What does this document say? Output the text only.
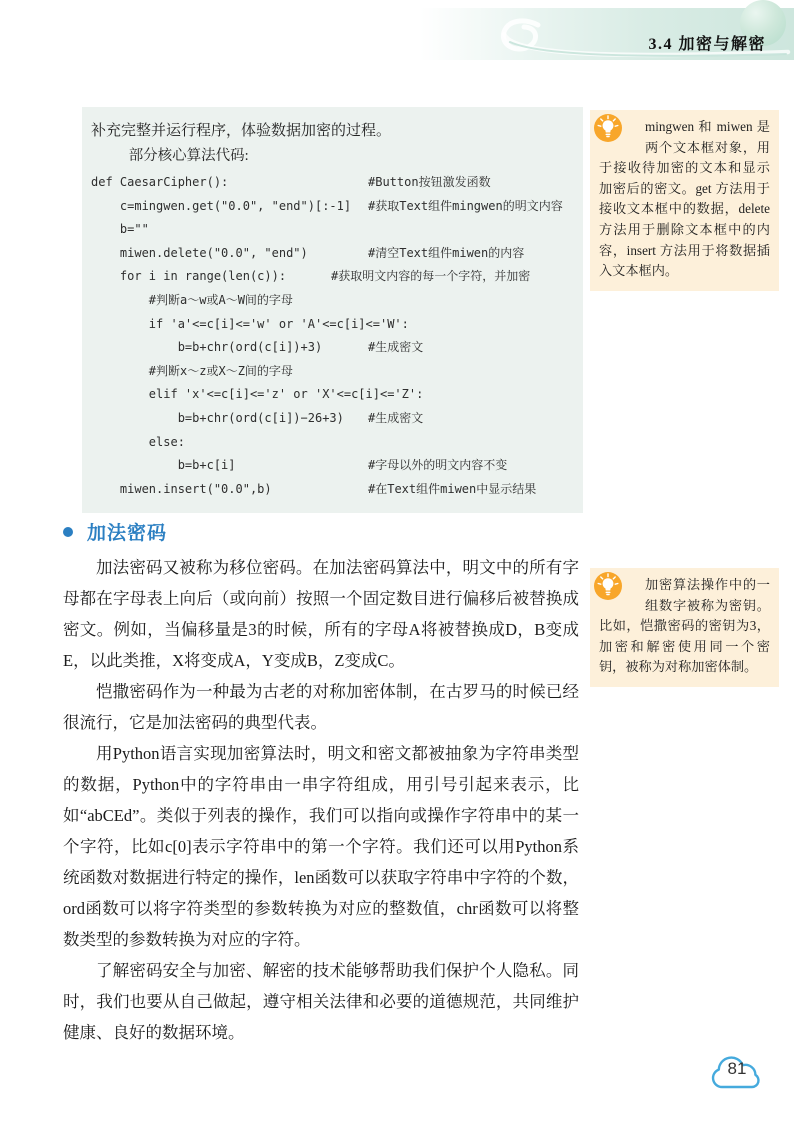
3.4 加密与解密
补充完整并运行程序，体验数据加密的过程。
部分核心算法代码:
def CaesarCipher():	#Button按钮激发函数
c=mingwen.get("0.0", "end")[:-1] #获取Text组件mingwen的明文内容
b=""
miwen.delete("0.0", "end")	#清空Text组件miwen的内容
for i in range(len(c)):	#获取明文内容的每一个字符，并加密
#判断a～w或A～W间的字母
if 'a'<=c[i]<='w' or 'A'<=c[i]<='W':
b=b+chr(ord(c[i])+3)	#生成密文
#判断x～z或X～Z间的字母
elif 'x'<=c[i]<='z' or 'X'<=c[i]<='Z':
b=b+chr(ord(c[i])−26+3) #生成密文
else:
b=b+c[i]	#字母以外的明文内容不变
miwen.insert("0.0",b)	#在Text组件miwen中显示结果
mingwen 和 miwen 是两个文本框对象，用于接收待加密的文本和显示加密后的密文。get 方法用于接收文本框中的数据，delete 方法用于删除文本框中的内容，insert 方法用于将数据插入文本框内。
加法密码

加法密码又被称为移位密码。在加法密码算法中，明文中的所有字母都在字母表上向后（或向前）按照一个固定数目进行偏移后被替换成密文。例如，当偏移量是3的时候，所有的字母A将被替换成D，B变成E，以此类推，X将变成A，Y变成B，Z变成C。

恺撒密码作为一种最为古老的对称加密体制，在古罗马的时候已经很流行，它是加法密码的典型代表。

用Python语言实现加密算法时，明文和密文都被抽象为字符串类型的数据，Python中的字符串由一串字符组成，用引号引起来表示，比如“abCEd”。类似于列表的操作，我们可以指向或操作字符串中的某一个字符，比如c[0]表示字符串中的第一个字符。我们还可以用Python系统函数对数据进行特定的操作，len函数可以获取字符串中字符的个数，ord函数可以将字符类型的参数转换为对应的整数值，chr函数可以将整数类型的参数转换为对应的字符。

了解密码安全与加密、解密的技术能够帮助我们保护个人隐私。同时，我们也要从自己做起，遵守相关法律和必要的道德规范，共同维护健康、良好的数据环境。

加密算法操作中的一组数字被称为密钥。比如，恺撒密码的密钥为3，加密和解密使用同一个密钥，被称为对称加密体制。
81
